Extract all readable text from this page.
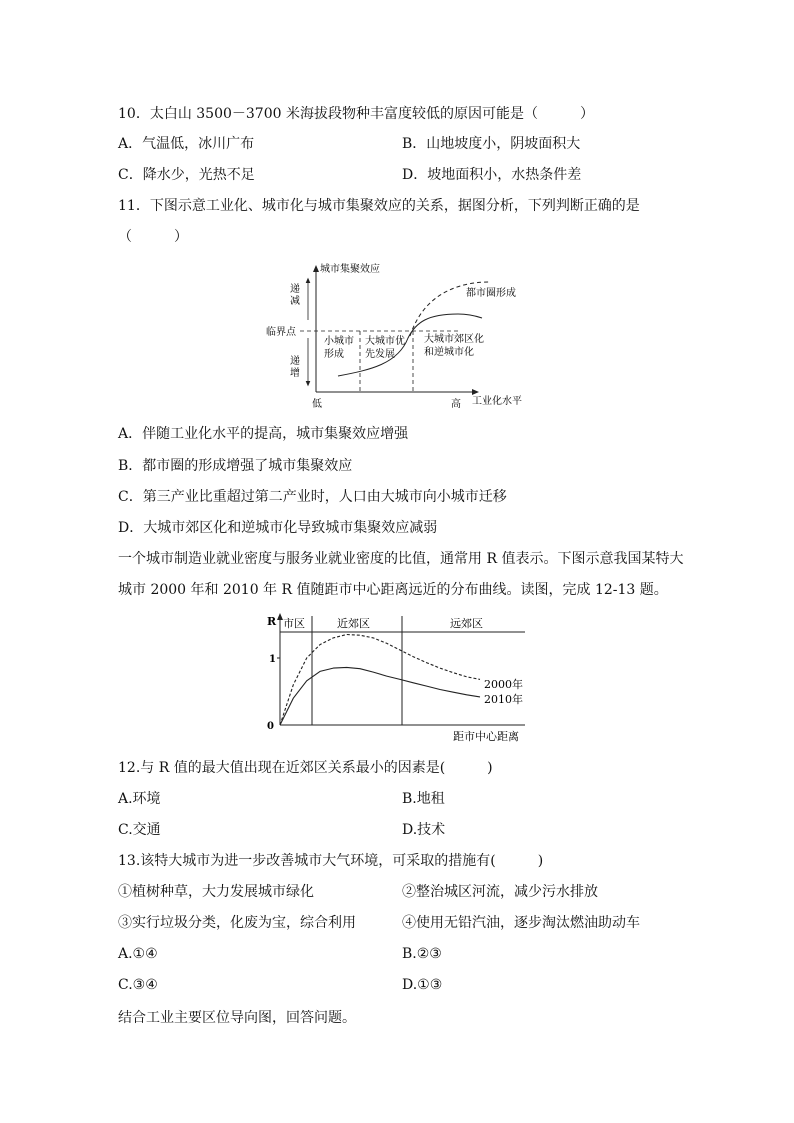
10．太白山 3500－3700 米海拔段物种丰富度较低的原因可能是（　　　）
A．气温低，冰川广布	B．山地坡度小，阴坡面积大
C．降水少，光热不足	D．坡地面积小，水热条件差
11．下图示意工业化、城市化与城市集聚效应的关系，据图分析，下列判断正确的是
（　　　）
城市集聚效应
递
减
递
增
临界点
小城市
形成
大城市优
先发展
大城市郊区化
和逆城市化
都市圈形成
低	高 工业化水平
A．伴随工业化水平的提高，城市集聚效应增强
B．都市圈的形成增强了城市集聚效应
C．第三产业比重超过第二产业时，人口由大城市向小城市迁移
D．大城市郊区化和逆城市化导致城市集聚效应减弱
一个城市制造业就业密度与服务业就业密度的比值，通常用 R 值表示。下图示意我国某特大
城市 2000 年和 2010 年 R 值随距市中心距离远近的分布曲线。读图，完成 12-13 题。
R
0
1
市区	近郊区	远郊区
2000年
2010年
距市中心距离
12.与 R 值的最大值出现在近郊区关系最小的因素是(　　　)
A.环境	B.地租
C.交通	D.技术
13.该特大城市为进一步改善城市大气环境，可采取的措施有(　　　)
①植树种草，大力发展城市绿化	②整治城区河流，减少污水排放
③实行垃圾分类，化废为宝，综合利用	④使用无铅汽油，逐步淘汰燃油助动车
A.①④	B.②③
C.③④	D.①③
结合工业主要区位导向图，回答问题。
